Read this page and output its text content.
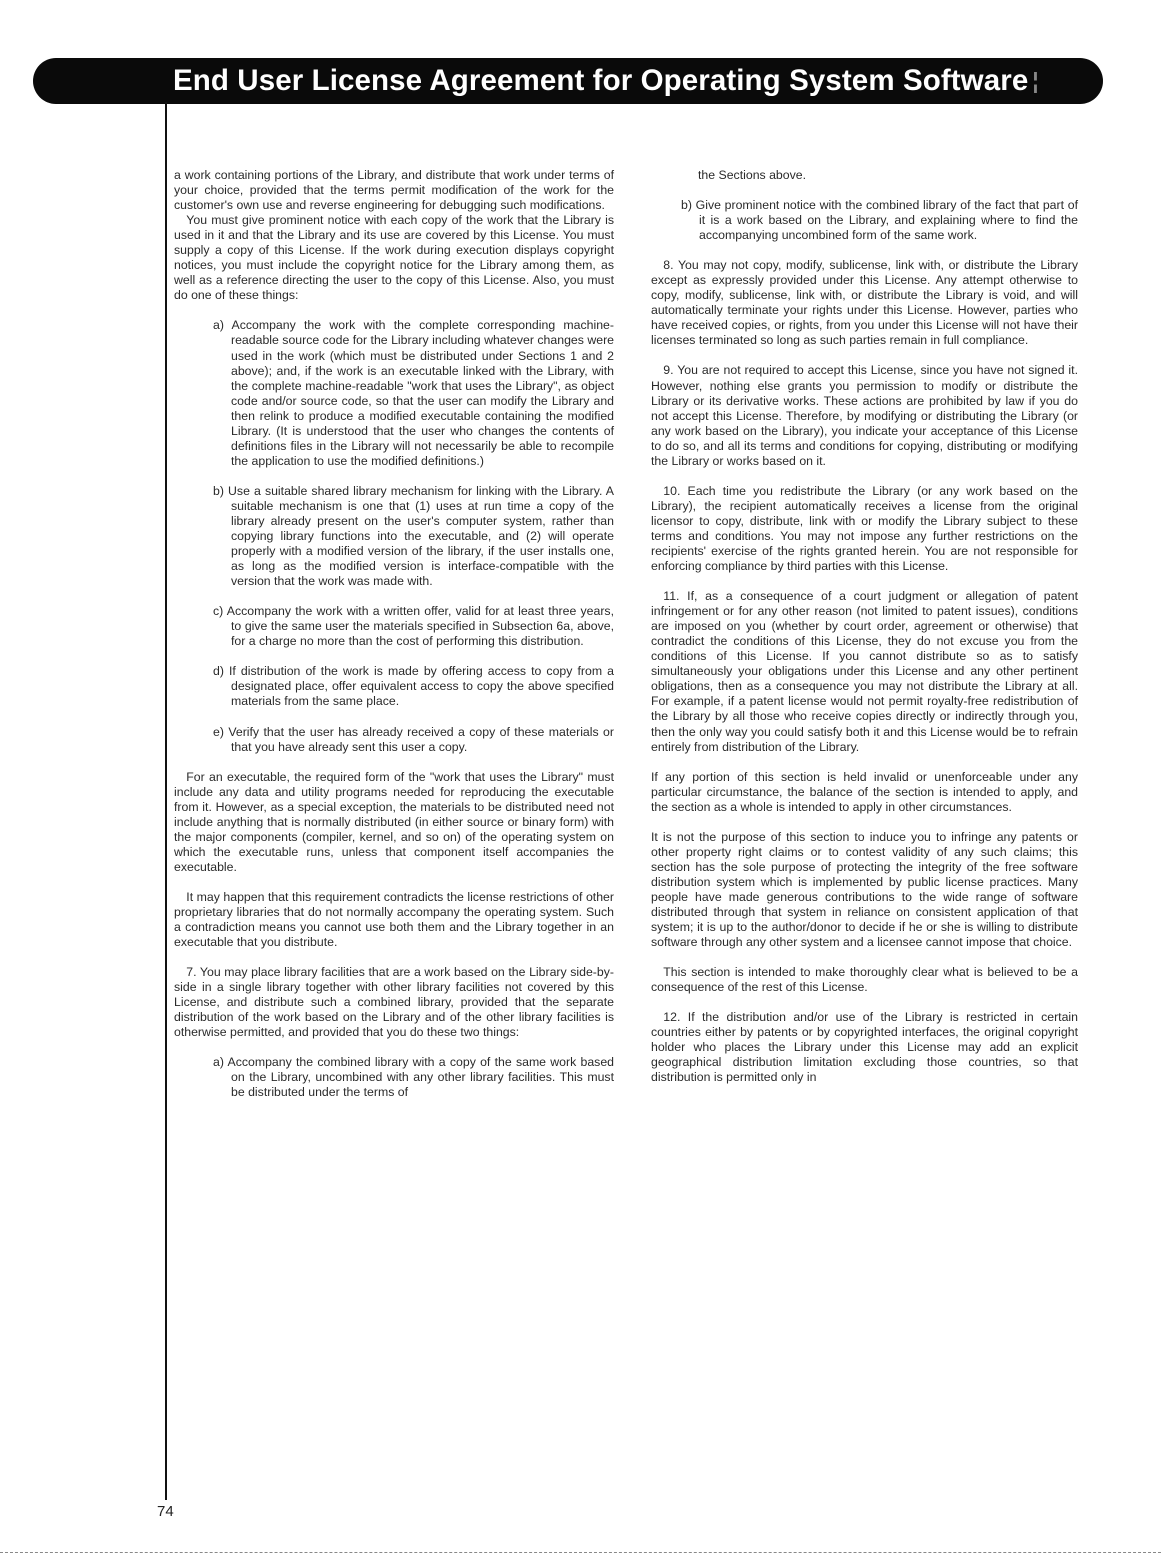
End User License Agreement for Operating System Software ¦

a work containing portions of the Library, and distribute that work under terms of your choice, provided that the terms permit modification of the work for the customer's own use and reverse engineering for debugging such modifications.

You must give prominent notice with each copy of the work that the Library is used in it and that the Library and its use are covered by this License. You must supply a copy of this License. If the work during execution displays copyright notices, you must include the copyright notice for the Library among them, as well as a reference directing the user to the copy of this License. Also, you must do one of these things:

a) Accompany the work with the complete corresponding machine-readable source code for the Library including whatever changes were used in the work (which must be distributed under Sections 1 and 2 above); and, if the work is an executable linked with the Library, with the complete machine-readable "work that uses the Library", as object code and/or source code, so that the user can modify the Library and then relink to produce a modified executable containing the modified Library. (It is understood that the user who changes the contents of definitions files in the Library will not necessarily be able to recompile the application to use the modified definitions.)
b) Use a suitable shared library mechanism for linking with the Library. A suitable mechanism is one that (1) uses at run time a copy of the library already present on the user's computer system, rather than copying library functions into the executable, and (2) will operate properly with a modified version of the library, if the user installs one, as long as the modified version is interface-compatible with the version that the work was made with.
c) Accompany the work with a written offer, valid for at least three years, to give the same user the materials specified in Subsection 6a, above, for a charge no more than the cost of performing this distribution.
d) If distribution of the work is made by offering access to copy from a designated place, offer equivalent access to copy the above specified materials from the same place.
e) Verify that the user has already received a copy of these materials or that you have already sent this user a copy.

For an executable, the required form of the "work that uses the Library" must include any data and utility programs needed for reproducing the executable from it. However, as a special exception, the materials to be distributed need not include anything that is normally distributed (in either source or binary form) with the major components (compiler, kernel, and so on) of the operating system on which the executable runs, unless that component itself accompanies the executable.

It may happen that this requirement contradicts the license restrictions of other proprietary libraries that do not normally accompany the operating system. Such a contradiction means you cannot use both them and the Library together in an executable that you distribute.

7. You may place library facilities that are a work based on the Library side-by-side in a single library together with other library facilities not covered by this License, and distribute such a combined library, provided that the separate distribution of the work based on the Library and of the other library facilities is otherwise permitted, and provided that you do these two things:

a) Accompany the combined library with a copy of the same work based on the Library, uncombined with any other library facilities. This must be distributed under the terms of
the Sections above.
b) Give prominent notice with the combined library of the fact that part of it is a work based on the Library, and explaining where to find the accompanying uncombined form of the same work.

8. You may not copy, modify, sublicense, link with, or distribute the Library except as expressly provided under this License. Any attempt otherwise to copy, modify, sublicense, link with, or distribute the Library is void, and will automatically terminate your rights under this License. However, parties who have received copies, or rights, from you under this License will not have their licenses terminated so long as such parties remain in full compliance.

9. You are not required to accept this License, since you have not signed it. However, nothing else grants you permission to modify or distribute the Library or its derivative works. These actions are prohibited by law if you do not accept this License. Therefore, by modifying or distributing the Library (or any work based on the Library), you indicate your acceptance of this License to do so, and all its terms and conditions for copying, distributing or modifying the Library or works based on it.

10. Each time you redistribute the Library (or any work based on the Library), the recipient automatically receives a license from the original licensor to copy, distribute, link with or modify the Library subject to these terms and conditions. You may not impose any further restrictions on the recipients' exercise of the rights granted herein. You are not responsible for enforcing compliance by third parties with this License.

11. If, as a consequence of a court judgment or allegation of patent infringement or for any other reason (not limited to patent issues), conditions are imposed on you (whether by court order, agreement or otherwise) that contradict the conditions of this License, they do not excuse you from the conditions of this License. If you cannot distribute so as to satisfy simultaneously your obligations under this License and any other pertinent obligations, then as a consequence you may not distribute the Library at all. For example, if a patent license would not permit royalty-free redistribution of the Library by all those who receive copies directly or indirectly through you, then the only way you could satisfy both it and this License would be to refrain entirely from distribution of the Library.

If any portion of this section is held invalid or unenforceable under any particular circumstance, the balance of the section is intended to apply, and the section as a whole is intended to apply in other circumstances.

It is not the purpose of this section to induce you to infringe any patents or other property right claims or to contest validity of any such claims; this section has the sole purpose of protecting the integrity of the free software distribution system which is implemented by public license practices. Many people have made generous contributions to the wide range of software distributed through that system in reliance on consistent application of that system; it is up to the author/donor to decide if he or she is willing to distribute software through any other system and a licensee cannot impose that choice.

This section is intended to make thoroughly clear what is believed to be a consequence of the rest of this License.

12. If the distribution and/or use of the Library is restricted in certain countries either by patents or by copyrighted interfaces, the original copyright holder who places the Library under this License may add an explicit geographical distribution limitation excluding those countries, so that distribution is permitted only in

74
